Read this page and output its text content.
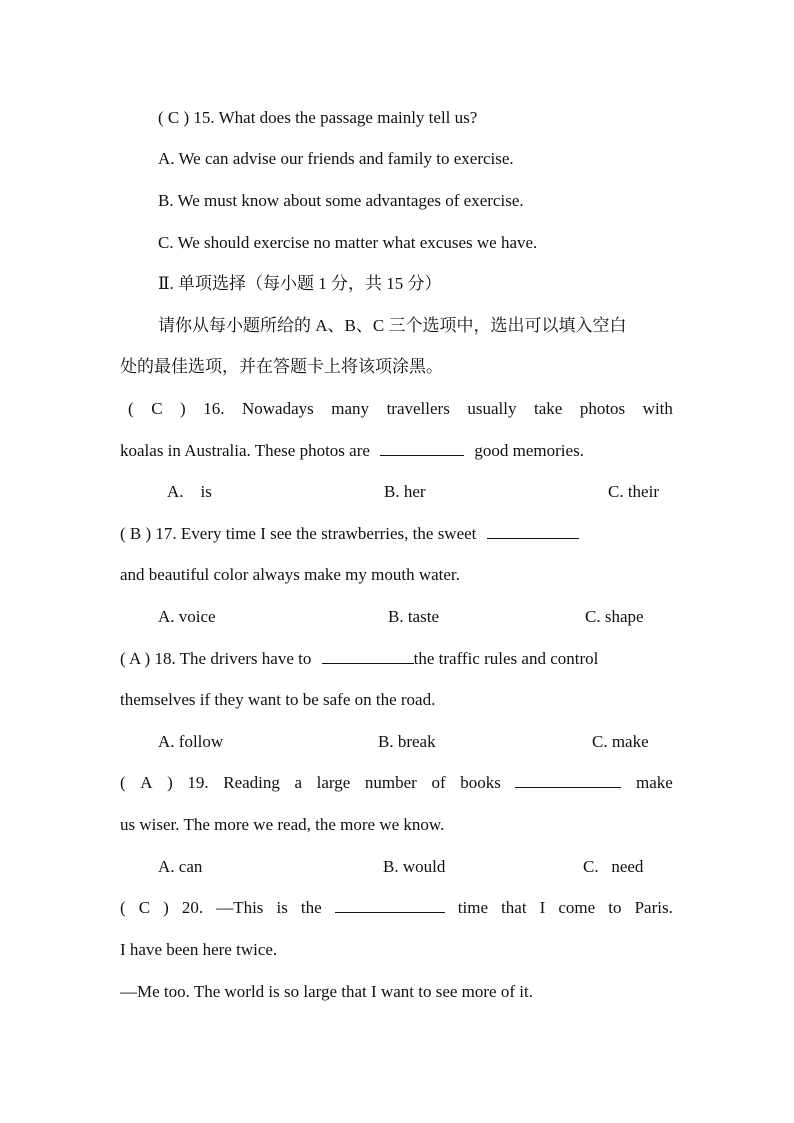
( C ) 15. What does the passage mainly tell us?
A. We can advise our friends and family to exercise.
B. We must know about some advantages of exercise.
C. We should exercise no matter what excuses we have.
Ⅱ. 单项选择（每小题 1 分，共 15 分）
请你从每小题所给的 A、B、C 三个选项中，选出可以填入空白
处的最佳选项，并在答题卡上将该项涂黑。
( C ) 16. Nowadays many travellers usually take photos with
koalas in Australia. These photos are	good memories.
A.    is	B. her	C. their
( B ) 17. Every time I see the strawberries, the sweet
and beautiful color always make my mouth water.
A. voice	B. taste	C. shape
( A ) 18. The drivers have to	the traffic rules and control
themselves if they want to be safe on the road.
A. follow	B. break	C. make
( A ) 19. Reading a large number of books	make
us wiser. The more we read, the more we know.
A. can	B. would	C.   need
( C ) 20. —This is the	time that I come to Paris.
I have been here twice.
—Me too. The world is so large that I want to see more of it.
